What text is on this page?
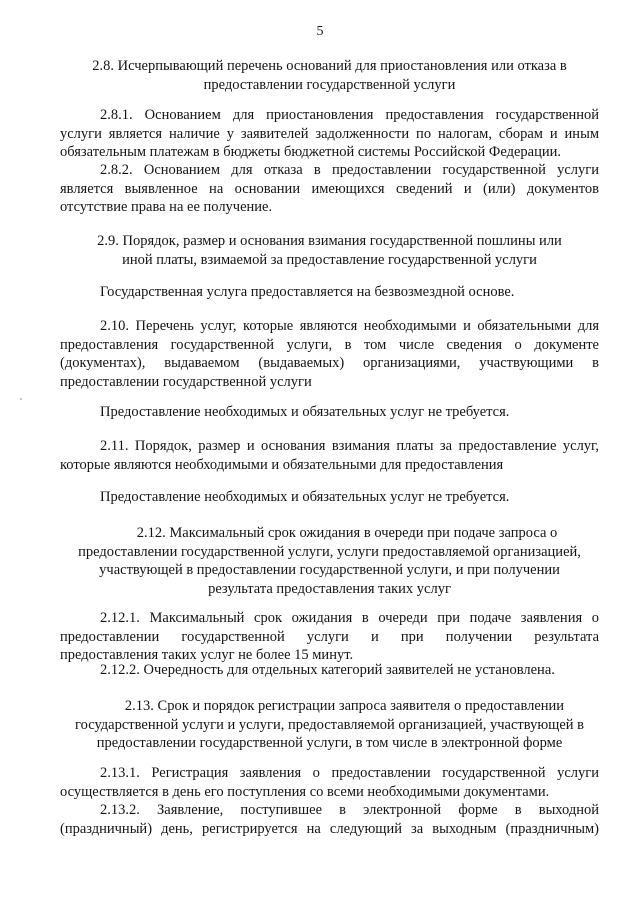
5
2.8. Исчерпывающий перечень оснований для приостановления или отказа в
предоставлении государственной услуги
2.8.1. Основанием для приостановления предоставления государственной
услуги является наличие у заявителей задолженности по налогам, сборам и иным
обязательным платежам в бюджеты бюджетной системы Российской Федерации.
2.8.2. Основанием для отказа в предоставлении государственной услуги
является выявленное на основании имеющихся сведений и (или) документов
отсутствие права на ее получение.
2.9. Порядок, размер и основания взимания государственной пошлины или
иной платы, взимаемой за предоставление государственной услуги
Государственная услуга предоставляется на безвозмездной основе.
2.10. Перечень услуг, которые являются необходимыми и обязательными для
предоставления государственной услуги, в том числе сведения о документе
(документах), выдаваемом (выдаваемых) организациями, участвующими в
предоставлении государственной услуги
Предоставление необходимых и обязательных услуг не требуется.
2.11. Порядок, размер и основания взимания платы за предоставление услуг,
которые являются необходимыми и обязательными для предоставления
Предоставление необходимых и обязательных услуг не требуется.
2.12. Максимальный срок ожидания в очереди при подаче запроса о
предоставлении государственной услуги, услуги предоставляемой организацией,
участвующей в предоставлении государственной услуги, и при получении
результата предоставления таких услуг
2.12.1. Максимальный срок ожидания в очереди при подаче заявления о
предоставлении государственной услуги и при получении результата
предоставления таких услуг не более 15 минут.
2.12.2. Очередность для отдельных категорий заявителей не установлена.
2.13. Срок и порядок регистрации запроса заявителя о предоставлении
государственной услуги и услуги, предоставляемой организацией, участвующей в
предоставлении государственной услуги, в том числе в электронной форме
2.13.1. Регистрация заявления о предоставлении государственной услуги
осуществляется в день его поступления со всеми необходимыми документами.
2.13.2. Заявление, поступившее в электронной форме в выходной
(праздничный) день, регистрируется на следующий за выходным (праздничным)
